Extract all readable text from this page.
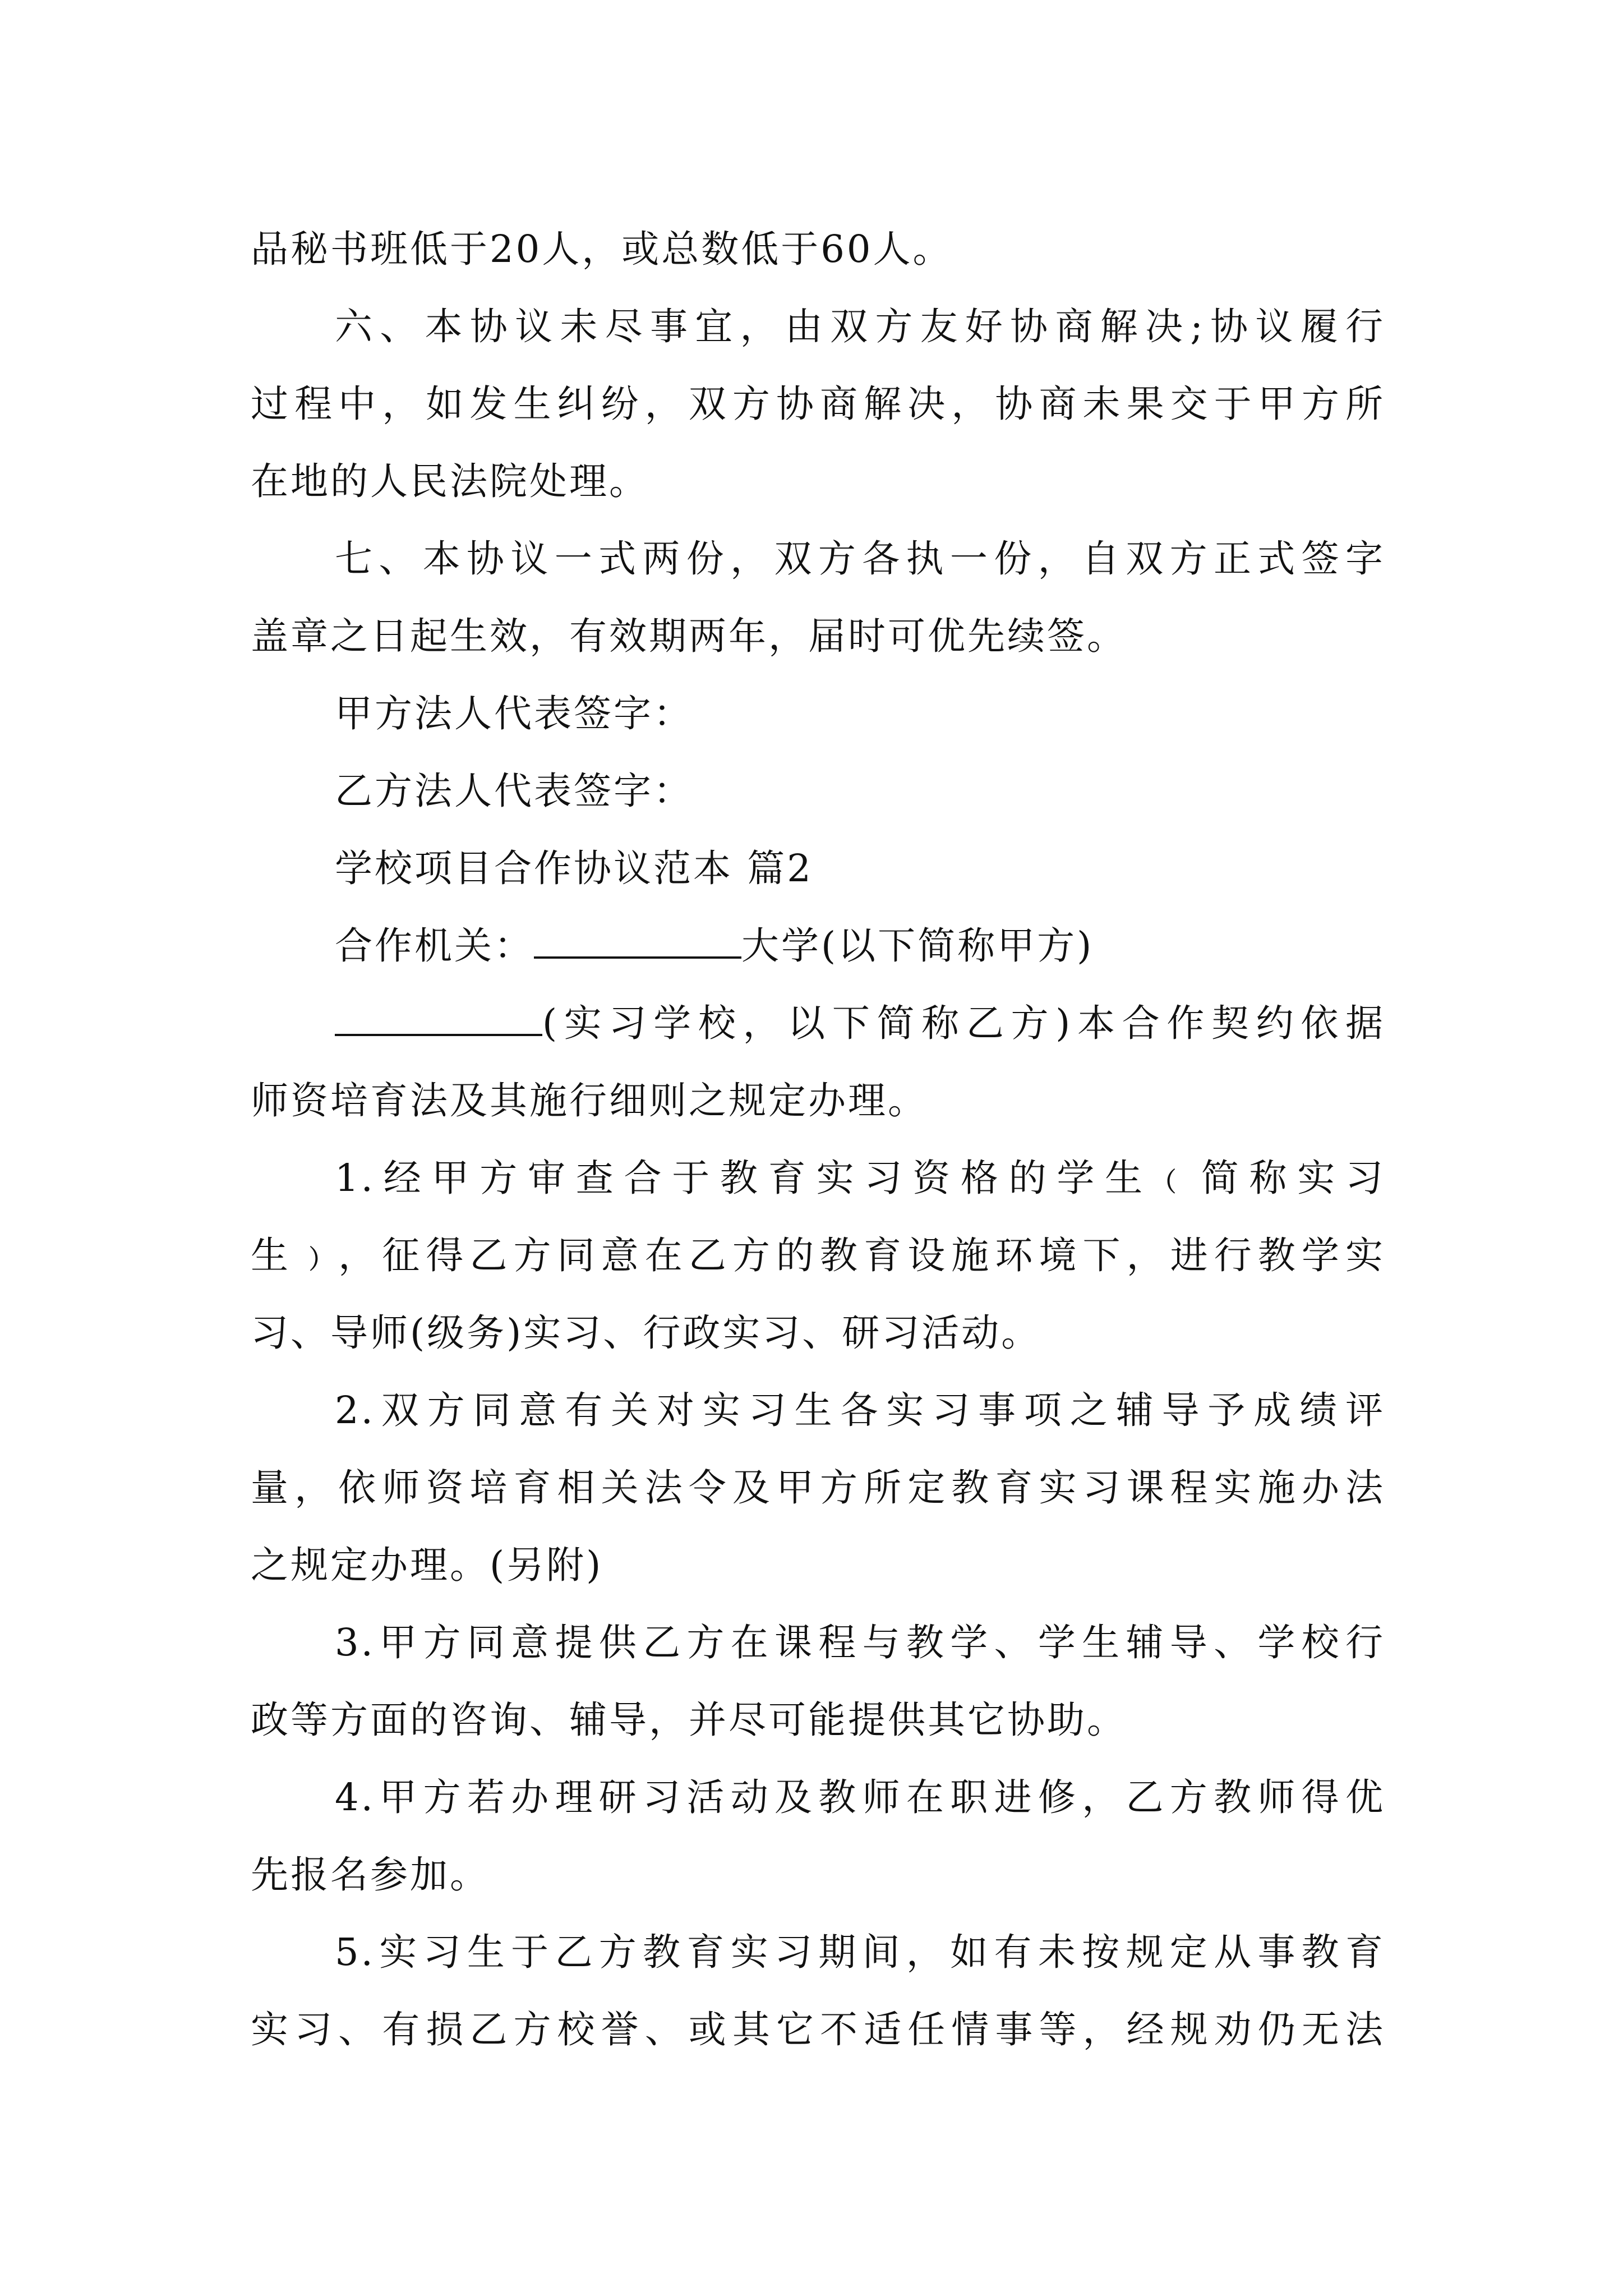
品秘书班低于20人，或总数低于60人。

六、本协议未尽事宜，由双方友好协商解决;协议履行
过程中，如发生纠纷，双方协商解决，协商未果交于甲方所
在地的人民法院处理。

七、本协议一式两份，双方各执一份，自双方正式签字
盖章之日起生效，有效期两年，届时可优先续签。

甲方法人代表签字：

乙方法人代表签字：

学校项目合作协议范本 篇2

合作机关：	大学(以下简称甲方)

(实习学校，以下简称乙方)本合作契约依据
师资培育法及其施行细则之规定办理。

1.经甲方审查合于教育实习资格的学生﹙简称实习
生﹚，征得乙方同意在乙方的教育设施环境下，进行教学实
习、导师(级务)实习、行政实习、研习活动。

2.双方同意有关对实习生各实习事项之辅导予成绩评
量，依师资培育相关法令及甲方所定教育实习课程实施办法
之规定办理。(另附)

3.甲方同意提供乙方在课程与教学、学生辅导、学校行
政等方面的咨询、辅导，并尽可能提供其它协助。

4.甲方若办理研习活动及教师在职进修，乙方教师得优
先报名参加。

5.实习生于乙方教育实习期间，如有未按规定从事教育
实习、有损乙方校誉、或其它不适任情事等，经规劝仍无法
